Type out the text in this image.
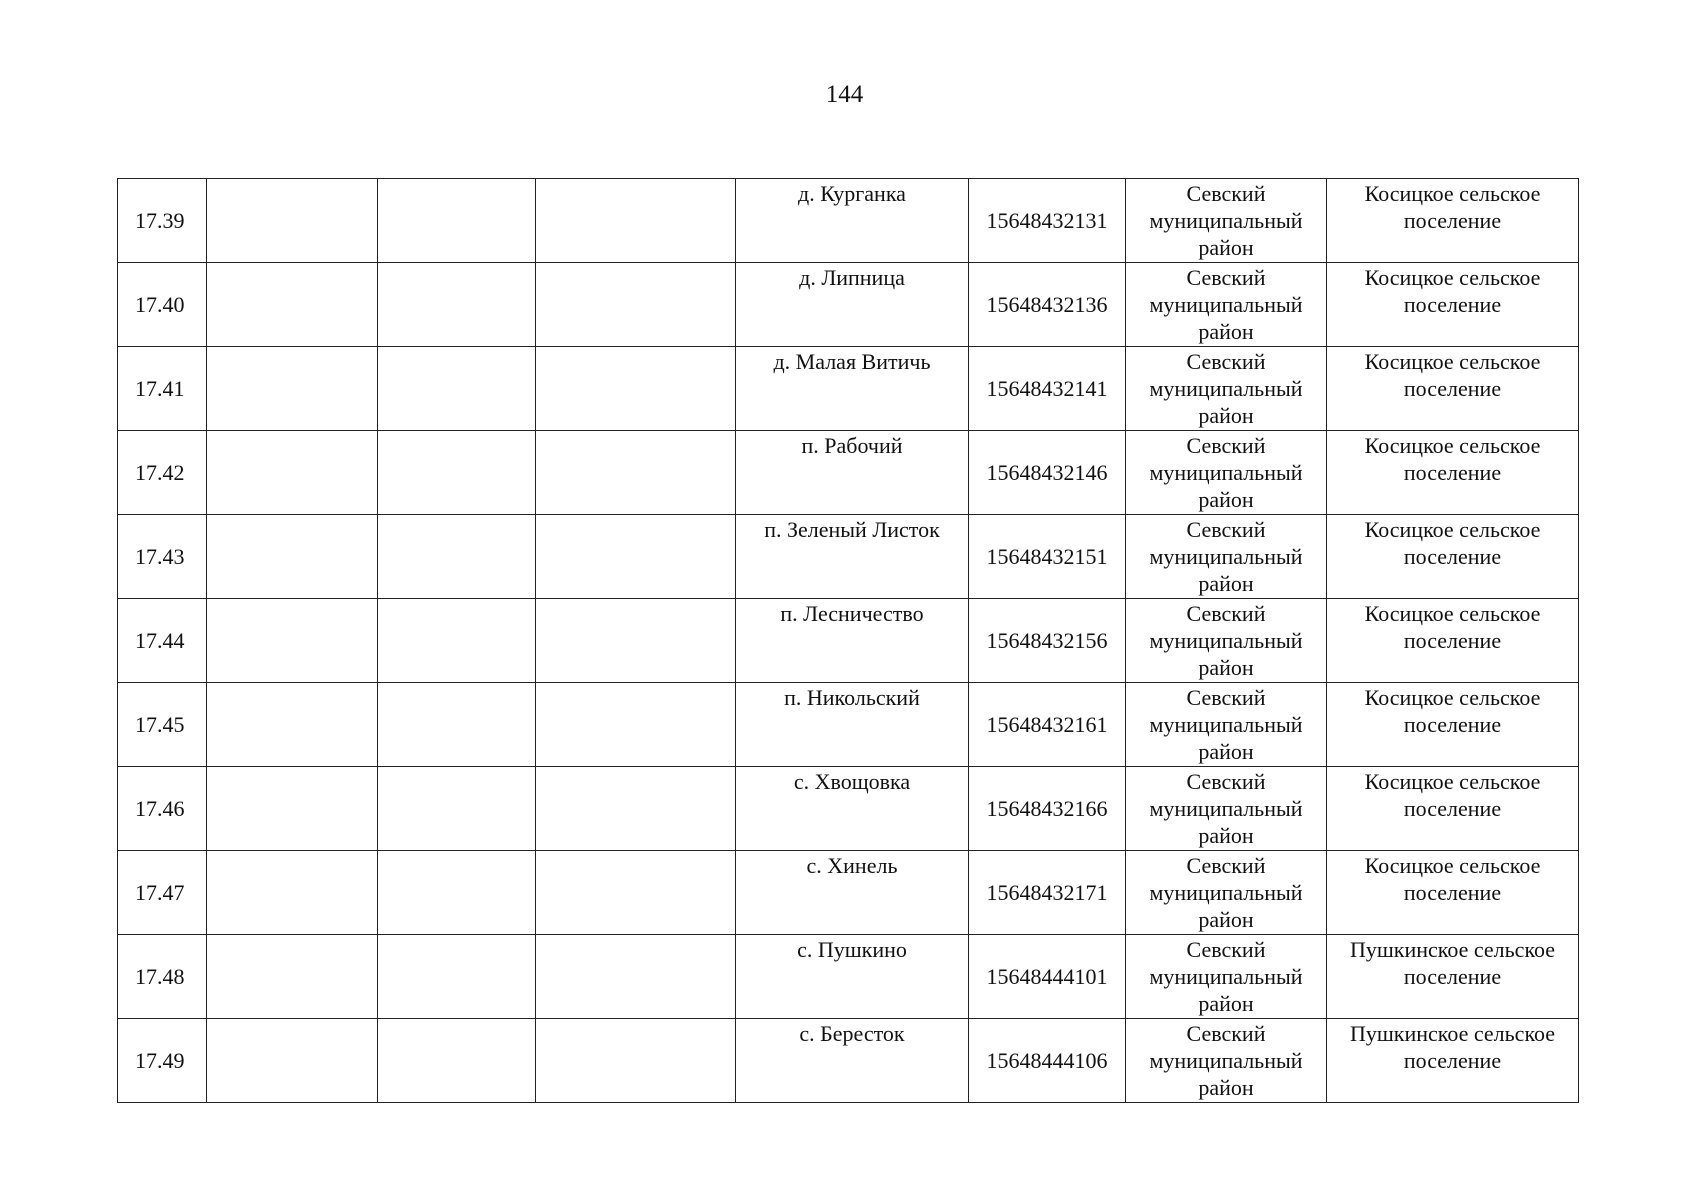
144
17.39				д. Курганка	15648432131	Севский
муниципальный
район	Косицкое сельское
поселение

17.40				д. Липница	15648432136	Севский
муниципальный
район	Косицкое сельское
поселение

17.41				д. Малая Витичь	15648432141	Севский
муниципальный
район	Косицкое сельское
поселение

17.42				п. Рабочий	15648432146	Севский
муниципальный
район	Косицкое сельское
поселение

17.43				п. Зеленый Листок	15648432151	Севский
муниципальный
район	Косицкое сельское
поселение

17.44				п. Лесничество	15648432156	Севский
муниципальный
район	Косицкое сельское
поселение

17.45				п. Никольский	15648432161	Севский
муниципальный
район	Косицкое сельское
поселение

17.46				с. Хвощовка	15648432166	Севский
муниципальный
район	Косицкое сельское
поселение

17.47				с. Хинель	15648432171	Севский
муниципальный
район	Косицкое сельское
поселение

17.48				с. Пушкино	15648444101	Севский
муниципальный
район	Пушкинское сельское
поселение

17.49				с. Бересток	15648444106	Севский
муниципальный
район	Пушкинское сельское
поселение
